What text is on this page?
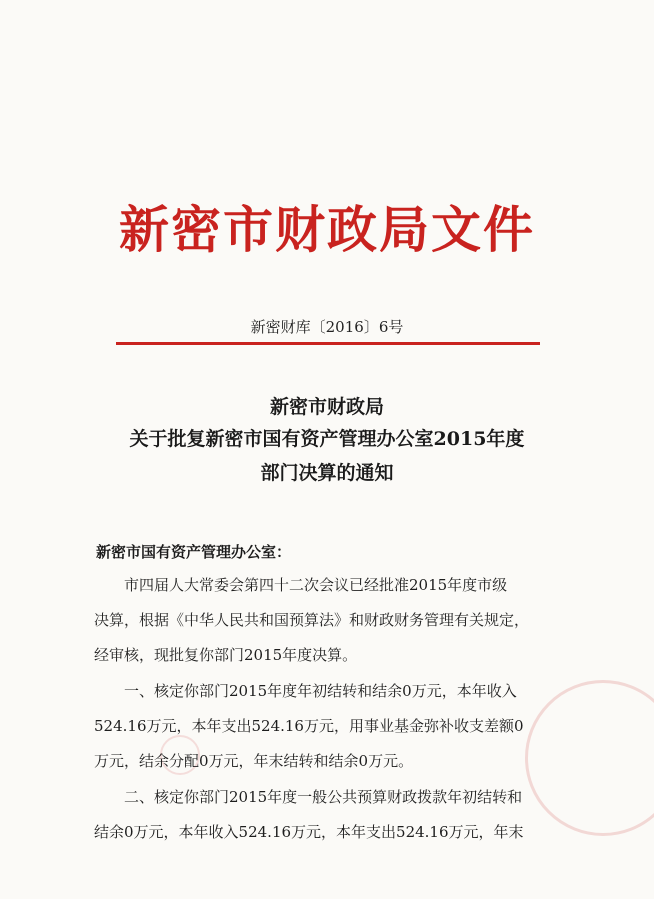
新密市财政局文件
新密财库〔2016〕6号
新密市财政局
关于批复新密市国有资产管理办公室2015年度
部门决算的通知
新密市国有资产管理办公室：
市四届人大常委会第四十二次会议已经批准2015年度市级
决算，根据《中华人民共和国预算法》和财政财务管理有关规定，
经审核，现批复你部门2015年度决算。
一、核定你部门2015年度年初结转和结余0万元，本年收入
524.16万元，本年支出524.16万元，用事业基金弥补收支差额0
万元，结余分配0万元，年末结转和结余0万元。
二、核定你部门2015年度一般公共预算财政拨款年初结转和
结余0万元，本年收入524.16万元，本年支出524.16万元，年末
